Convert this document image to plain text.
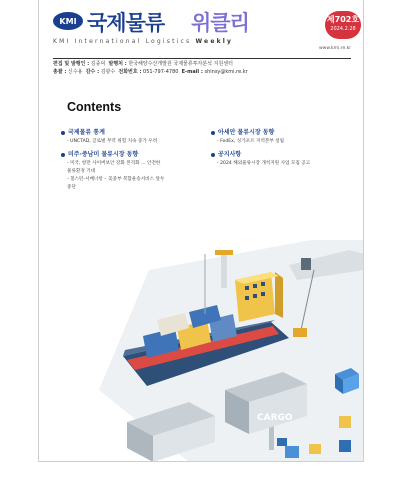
KMI 국제물류 위클리
KMI International Logistics Weekly
제702호
2024.2.28
www.kmi.re.kr
편집 및 발행인 : 김종덕 발행처 : 한국해양수산개발원 국제물류투자분석 지원센터
총괄 : 신수용 감수 : 김광수 전화번호 : 051-797-4780 E-mail : shinsy@kmi.re.kr
Contents
국제물류 통계
- UNCTAD, 글로벌 무역 위험 지속 증가 우려
미주·중남미 물류시장 동향
- 미국, 항만 사이버보안 강화 본격화 … 안전한
물류환경 기대
- 칠스턴-서배너항 – 美중부 복합운송서비스 앞두
중단
아세안 물류시장 동향
- FedEx, 싱가포르 지역본부 설립
공지사항
- 2024 해외물류시장 개척지원 사업 모집 공고
CARGO
